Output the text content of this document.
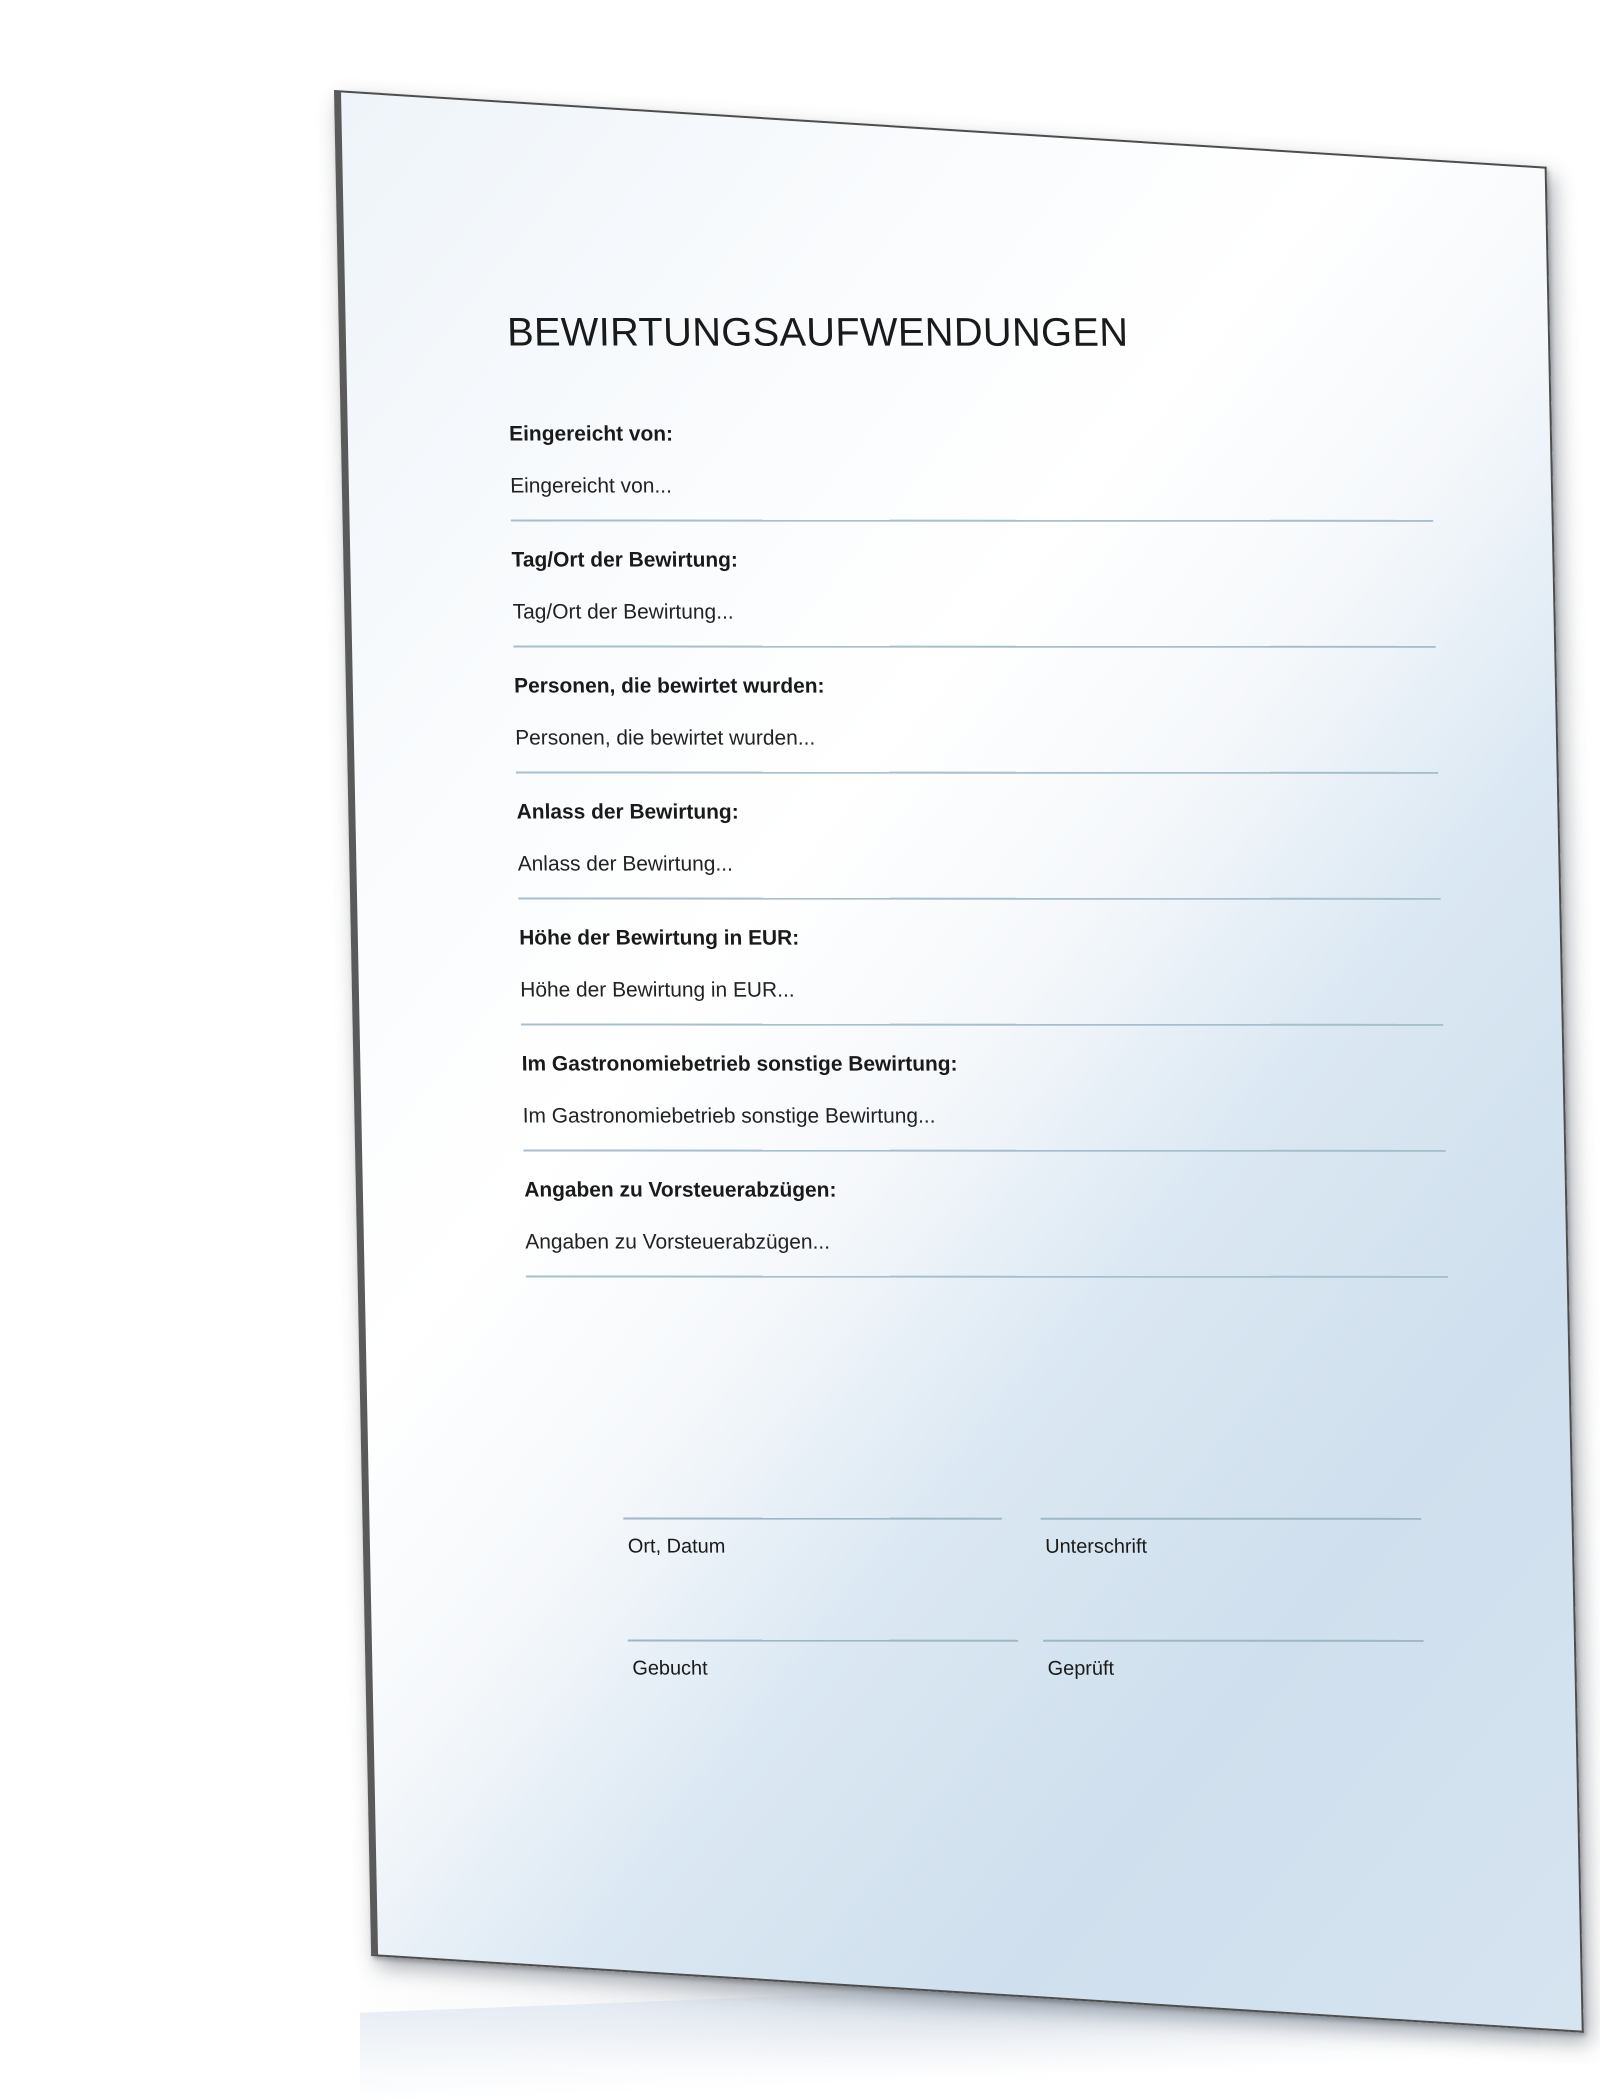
BEWIRTUNGSAUFWENDUNGEN
Eingereicht von:
Eingereicht von...
Tag/Ort der Bewirtung:
Tag/Ort der Bewirtung...
Personen, die bewirtet wurden:
Personen, die bewirtet wurden...
Anlass der Bewirtung:
Anlass der Bewirtung...
Höhe der Bewirtung in EUR:
Höhe der Bewirtung in EUR...
Im Gastronomiebetrieb sonstige Bewirtung:
Im Gastronomiebetrieb sonstige Bewirtung...
Angaben zu Vorsteuerabzügen:
Angaben zu Vorsteuerabzügen...
Ort, Datum	Unterschrift
Gebucht	Geprüft
